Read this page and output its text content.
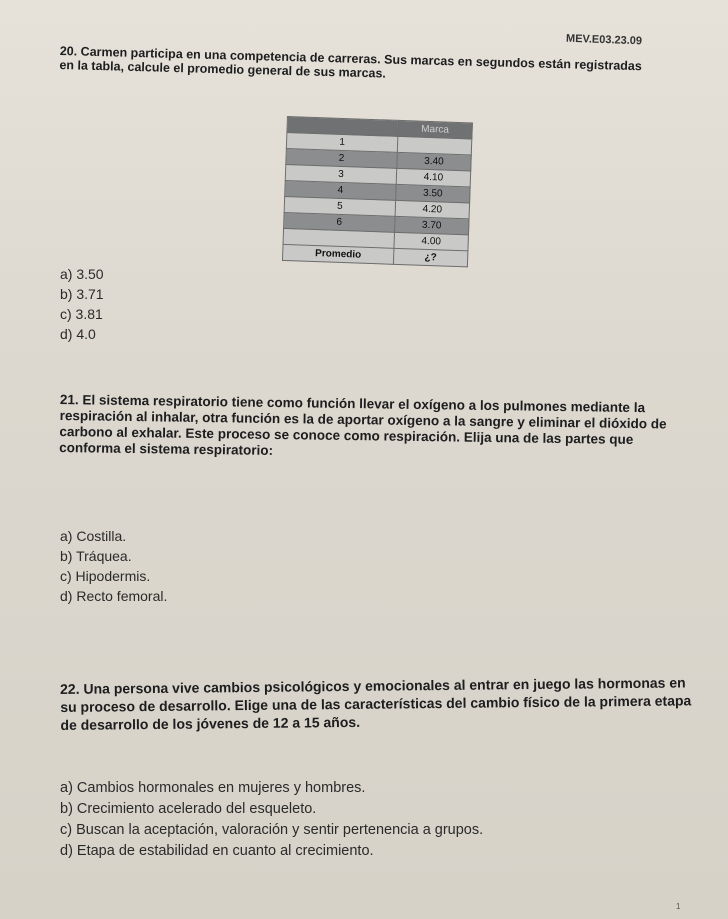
MEV.E03.23.09
20. Carmen participa en una competencia de carreras. Sus marcas en segundos están registradas en la tabla, calcule el promedio general de sus marcas.
	Marca
1	
2	3.40
3	4.10
4	3.50
5	4.20
6	3.70
	4.00
Promedio	¿?
a) 3.50
b) 3.71
c) 3.81
d) 4.0
21. El sistema respiratorio tiene como función llevar el oxígeno a los pulmones mediante la respiración al inhalar, otra función es la de aportar oxígeno a la sangre y eliminar el dióxido de carbono al exhalar. Este proceso se conoce como respiración. Elija una de las partes que conforma el sistema respiratorio:
a) Costilla.
b) Tráquea.
c) Hipodermis.
d) Recto femoral.
22. Una persona vive cambios psicológicos y emocionales al entrar en juego las hormonas en su proceso de desarrollo. Elige una de las características del cambio físico de la primera etapa de desarrollo de los jóvenes de 12 a 15 años.
a) Cambios hormonales en mujeres y hombres.
b) Crecimiento acelerado del esqueleto.
c) Buscan la aceptación, valoración y sentir pertenencia a grupos.
d) Etapa de estabilidad en cuanto al crecimiento.
1
